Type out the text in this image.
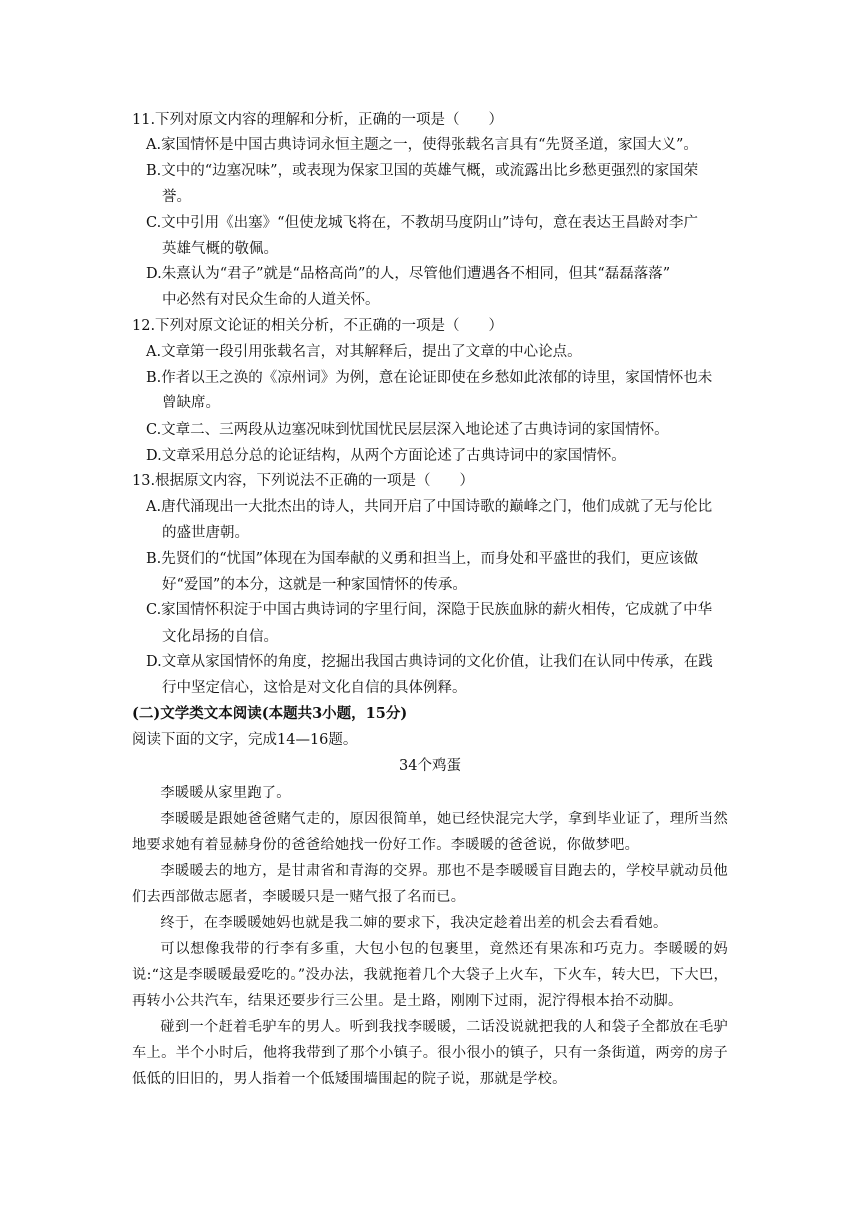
11.下列对原文内容的理解和分析，正确的一项是（　　）
A.家国情怀是中国古典诗词永恒主题之一，使得张载名言具有“先贤圣道，家国大义”。
B.文中的“边塞况味”，或表现为保家卫国的英雄气概，或流露出比乡愁更强烈的家国荣
誉。
C.文中引用《出塞》“但使龙城飞将在，不教胡马度阴山”诗句，意在表达王昌龄对李广
英雄气概的敬佩。
D.朱熹认为“君子”就是“品格高尚”的人，尽管他们遭遇各不相同，但其“磊磊落落”
中必然有对民众生命的人道关怀。
12.下列对原文论证的相关分析，不正确的一项是（　　）
A.文章第一段引用张载名言，对其解释后，提出了文章的中心论点。
B.作者以王之涣的《凉州词》为例，意在论证即使在乡愁如此浓郁的诗里，家国情怀也未
曾缺席。
C.文章二、三两段从边塞况味到忧国忧民层层深入地论述了古典诗词的家国情怀。
D.文章采用总分总的论证结构，从两个方面论述了古典诗词中的家国情怀。
13.根据原文内容，下列说法不正确的一项是（　　）
A.唐代涌现出一大批杰出的诗人，共同开启了中国诗歌的巅峰之门，他们成就了无与伦比
的盛世唐朝。
B.先贤们的“忧国”体现在为国奉献的义勇和担当上，而身处和平盛世的我们，更应该做
好“爱国”的本分，这就是一种家国情怀的传承。
C.家国情怀积淀于中国古典诗词的字里行间，深隐于民族血脉的薪火相传，它成就了中华
文化昂扬的自信。
D.文章从家国情怀的角度，挖掘出我国古典诗词的文化价值，让我们在认同中传承，在践
行中坚定信心，这恰是对文化自信的具体例释。
(二)文学类文本阅读(本题共3小题，15分)
阅读下面的文字，完成14—16题。
34个鸡蛋
李暖暖从家里跑了。
李暖暖是跟她爸爸赌气走的，原因很简单，她已经快混完大学，拿到毕业证了，理所当然地要求她有着显赫身份的爸爸给她找一份好工作。李暖暖的爸爸说，你做梦吧。
李暖暖去的地方，是甘肃省和青海的交界。那也不是李暖暖盲目跑去的，学校早就动员他们去西部做志愿者，李暖暖只是一赌气报了名而已。
终于，在李暖暖她妈也就是我二婶的要求下，我决定趁着出差的机会去看看她。
可以想像我带的行李有多重，大包小包的包裹里，竟然还有果冻和巧克力。李暖暖的妈说:“这是李暖暖最爱吃的。”没办法，我就拖着几个大袋子上火车，下火车，转大巴，下大巴，再转小公共汽车，结果还要步行三公里。是土路，刚刚下过雨，泥泞得根本抬不动脚。
碰到一个赶着毛驴车的男人。听到我找李暖暖，二话没说就把我的人和袋子全都放在毛驴车上。半个小时后，他将我带到了那个小镇子。很小很小的镇子，只有一条街道，两旁的房子低低的旧旧的，男人指着一个低矮围墙围起的院子说，那就是学校。
